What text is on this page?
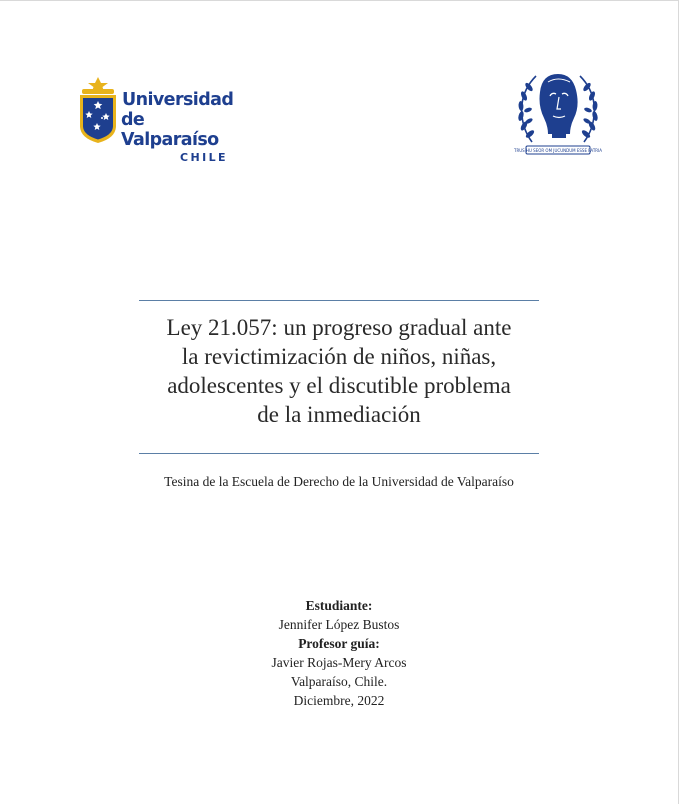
Universidad
de Valparaíso
CHILE
TRUS HU SEOR OM JUCUNDUM ESSE PATRIA
Ley 21.057: un progreso gradual ante
la revictimización de niños, niñas,
adolescentes y el discutible problema
de la inmediación
Tesina de la Escuela de Derecho de la Universidad de Valparaíso
Estudiante:
Jennifer López Bustos
Profesor guía:
Javier Rojas-Mery Arcos
Valparaíso, Chile.
Diciembre, 2022
